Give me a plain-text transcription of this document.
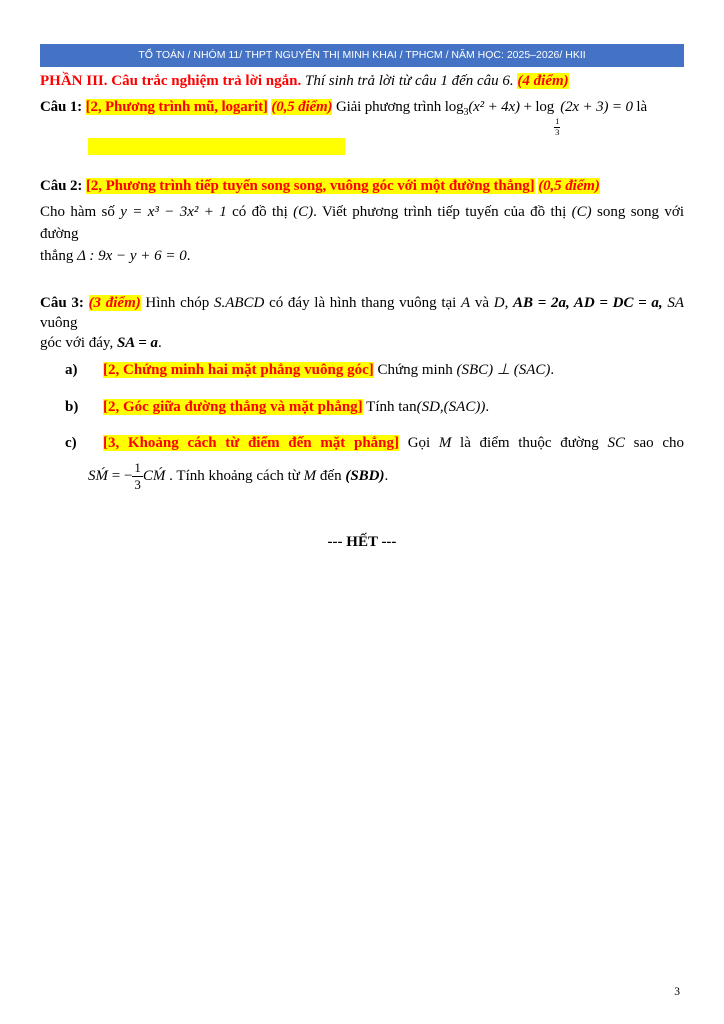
TỔ TOÁN / NHÓM 11/ THPT NGUYỄN THỊ MINH KHAI / TPHCM / NĂM HỌC: 2025–2026/ HKII
PHẦN III. Câu trắc nghiệm trả lời ngắn. Thí sinh trả lời từ câu 1 đến câu 6. (4 điểm)
Câu 1: [2, Phương trình mũ, logarit] (0,5 điểm) Giải phương trình $\log_3(x^2 + 4x) + \log$
$_{\frac{1}{3}}$
(2x + 3) = 0 là
Câu 2: [2, Phương trình tiếp tuyến song song, vuông góc với một đường thẳng] (0,5 điểm)
Cho hàm số y = x³ − 3x² + 1 có đồ thị (C). Viết phương trình tiếp tuyến của đồ thị (C) song song với đường
thẳng Δ : 9x − y + 6 = 0.
Câu 3: (3 điểm) Hình chóp S.ABCD có đáy là hình thang vuông tại A và D, AB = 2a, AD = DC = a, SA vuông
góc với đáy, SA = a.
a) [2, Chứng minh hai mặt phẳng vuông góc] Chứng minh (SBC) ⊥ (SAC).
b) [2, Góc giữa đường thẳng và mặt phẳng] Tính tan(SD,(SAC)).
c) [3, Khoảng cách từ điểm đến mặt phẳng] Gọi M là điểm thuộc đường SC sao cho
SḾ = − $\frac{1}{3}$ CḾ . Tính khoảng cách từ M đến (SBD).
--- HẾT ---
3
